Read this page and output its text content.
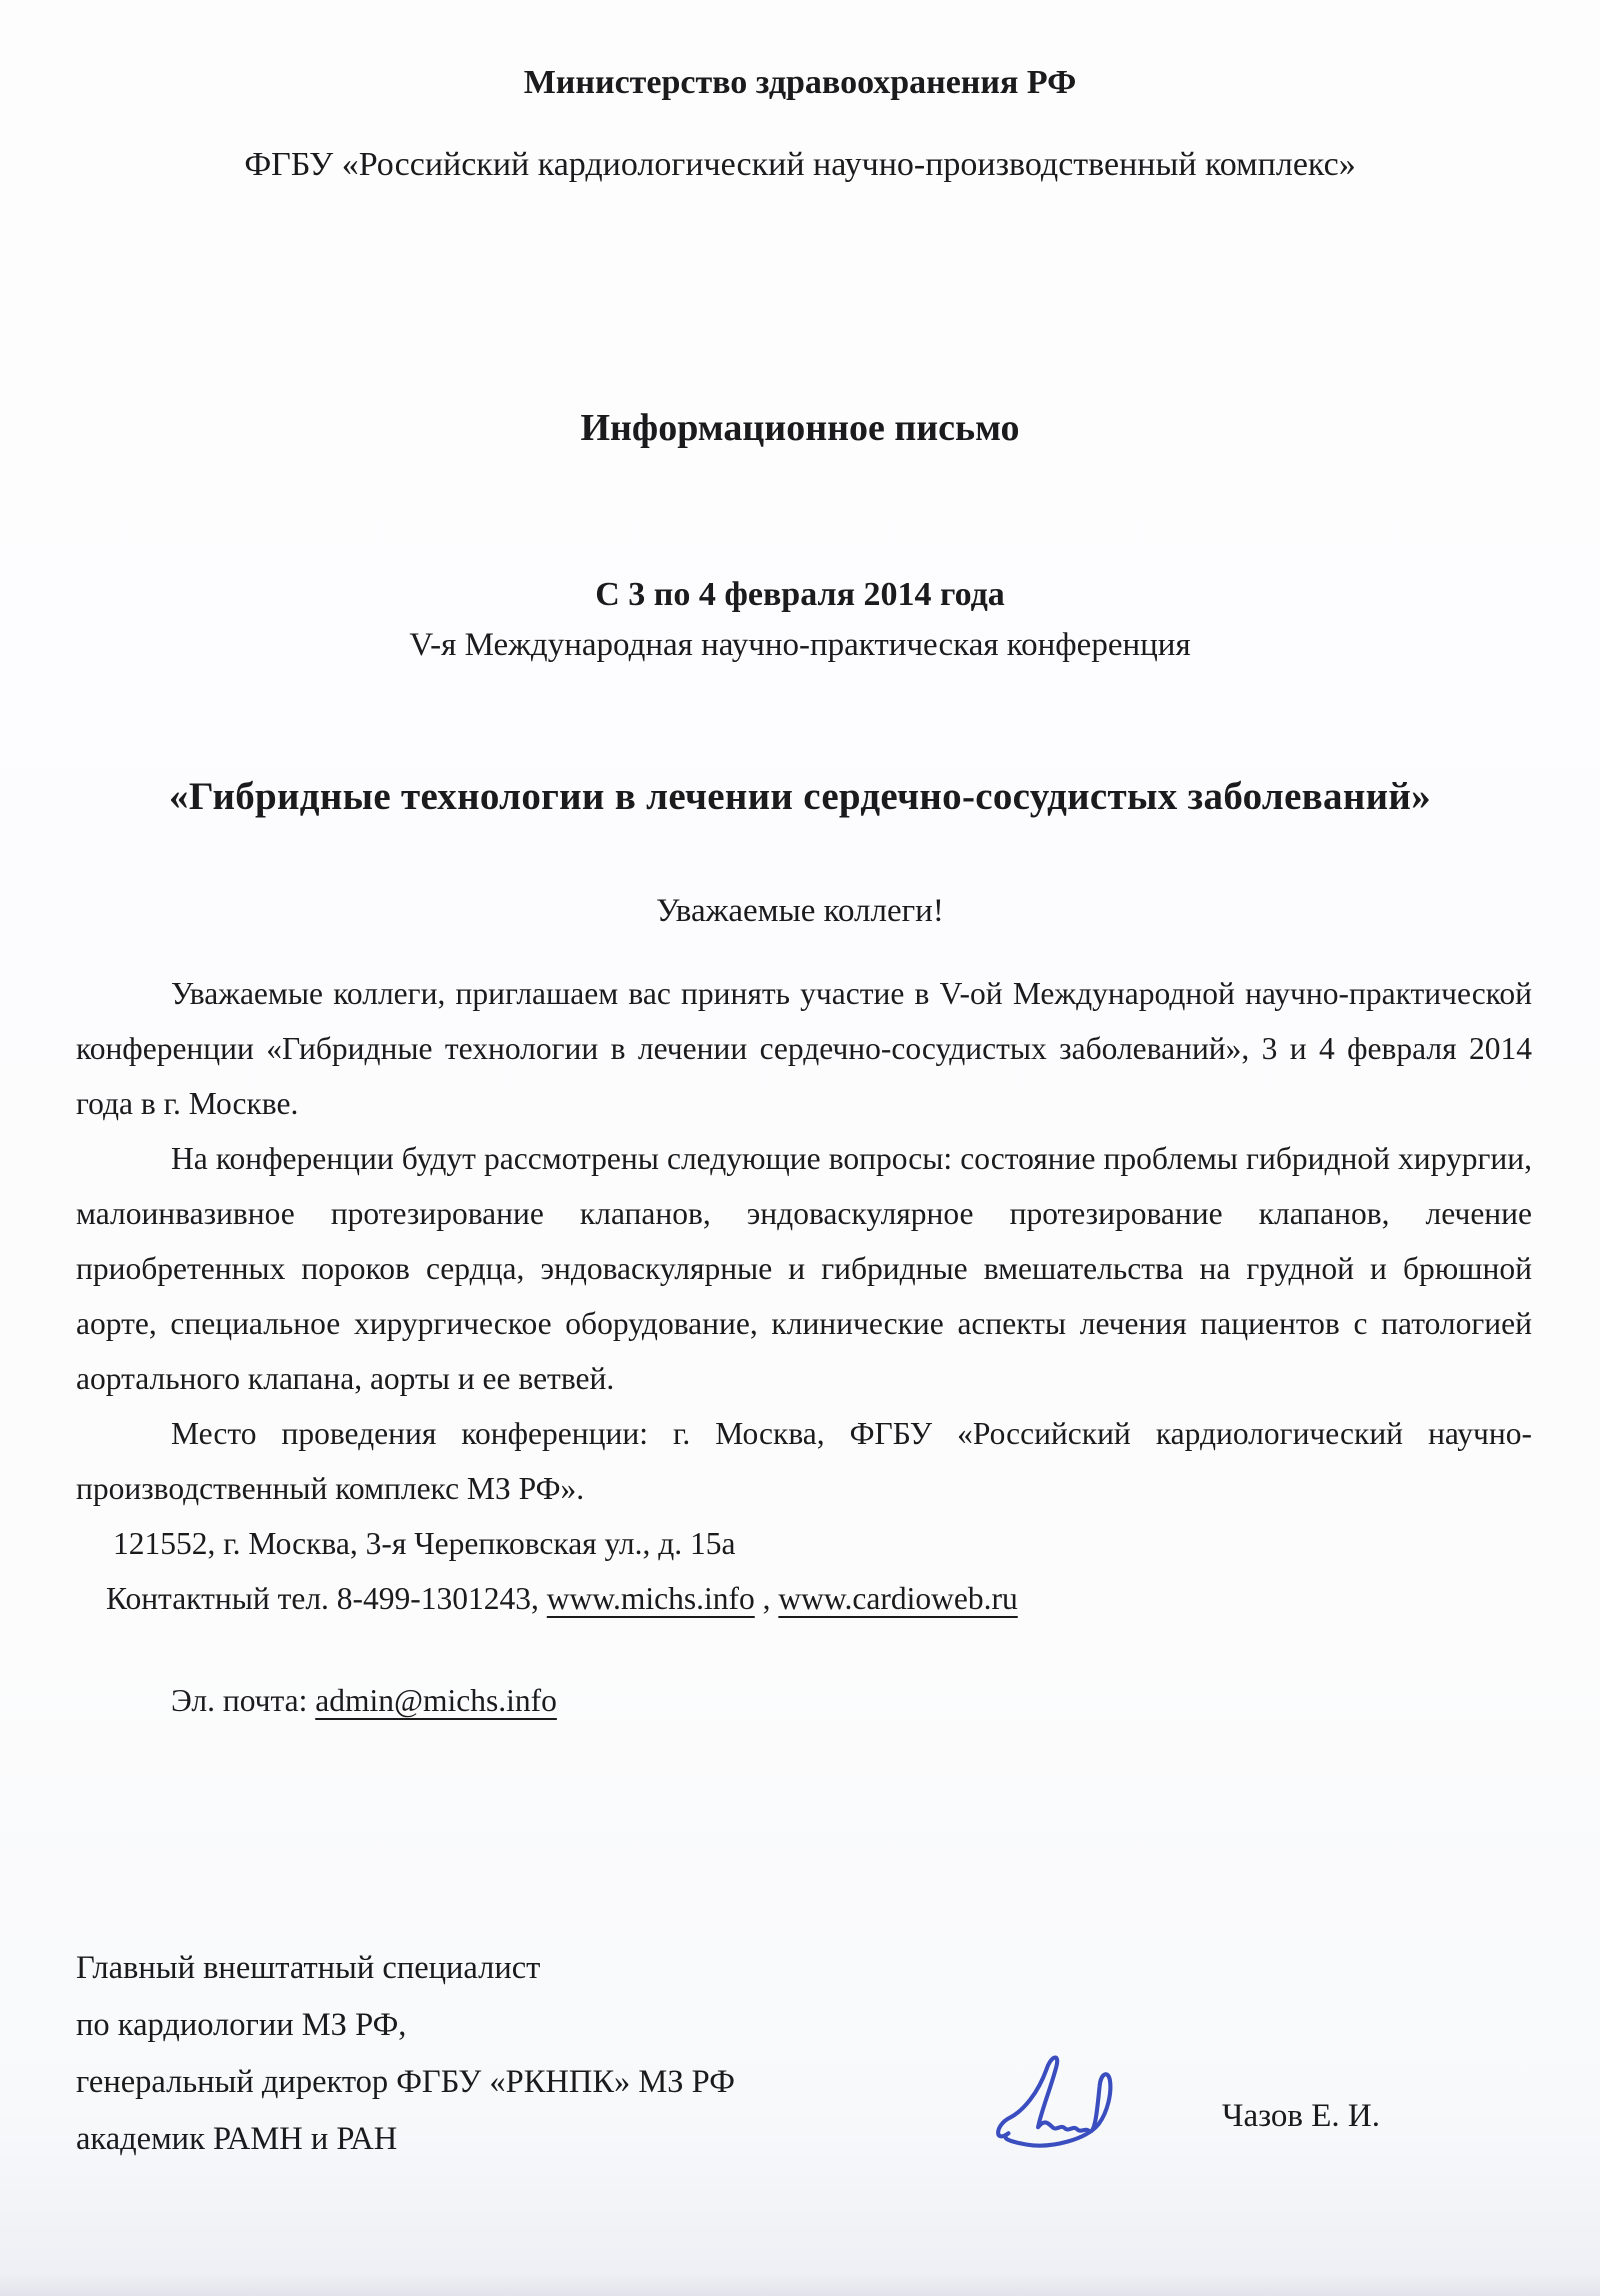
Министерство здравоохранения РФ
ФГБУ «Российский кардиологический научно-производственный комплекс»
Информационное письмо
С 3 по 4 февраля 2014 года
V-я Международная научно-практическая конференция
«Гибридные технологии в лечении сердечно-сосудистых заболеваний»
Уважаемые коллеги!

Уважаемые коллеги, приглашаем вас принять участие в V-ой Международной научно-практической конференции «Гибридные технологии в лечении сердечно-сосудистых заболеваний», 3 и 4 февраля 2014 года в г. Москве.

На конференции будут рассмотрены следующие вопросы: состояние проблемы гибридной хирургии, малоинвазивное протезирование клапанов, эндоваскулярное протезирование клапанов, лечение приобретенных пороков сердца, эндоваскулярные и гибридные вмешательства на грудной и брюшной аорте, специальное хирургическое оборудование, клинические аспекты лечения пациентов с патологией аортального клапана, аорты и ее ветвей.

Место проведения конференции: г. Москва, ФГБУ «Российский кардиологический научно-производственный комплекс МЗ РФ».

121552, г. Москва, 3-я Черепковская ул., д. 15а

Контактный тел. 8-499-1301243, www.michs.info , www.cardioweb.ru

Эл. почта: admin@michs.info

Главный внештатный специалист
по кардиологии МЗ РФ,
генеральный директор ФГБУ «РКНПК» МЗ РФ
академик РАМН и РАН
Чазов Е. И.
